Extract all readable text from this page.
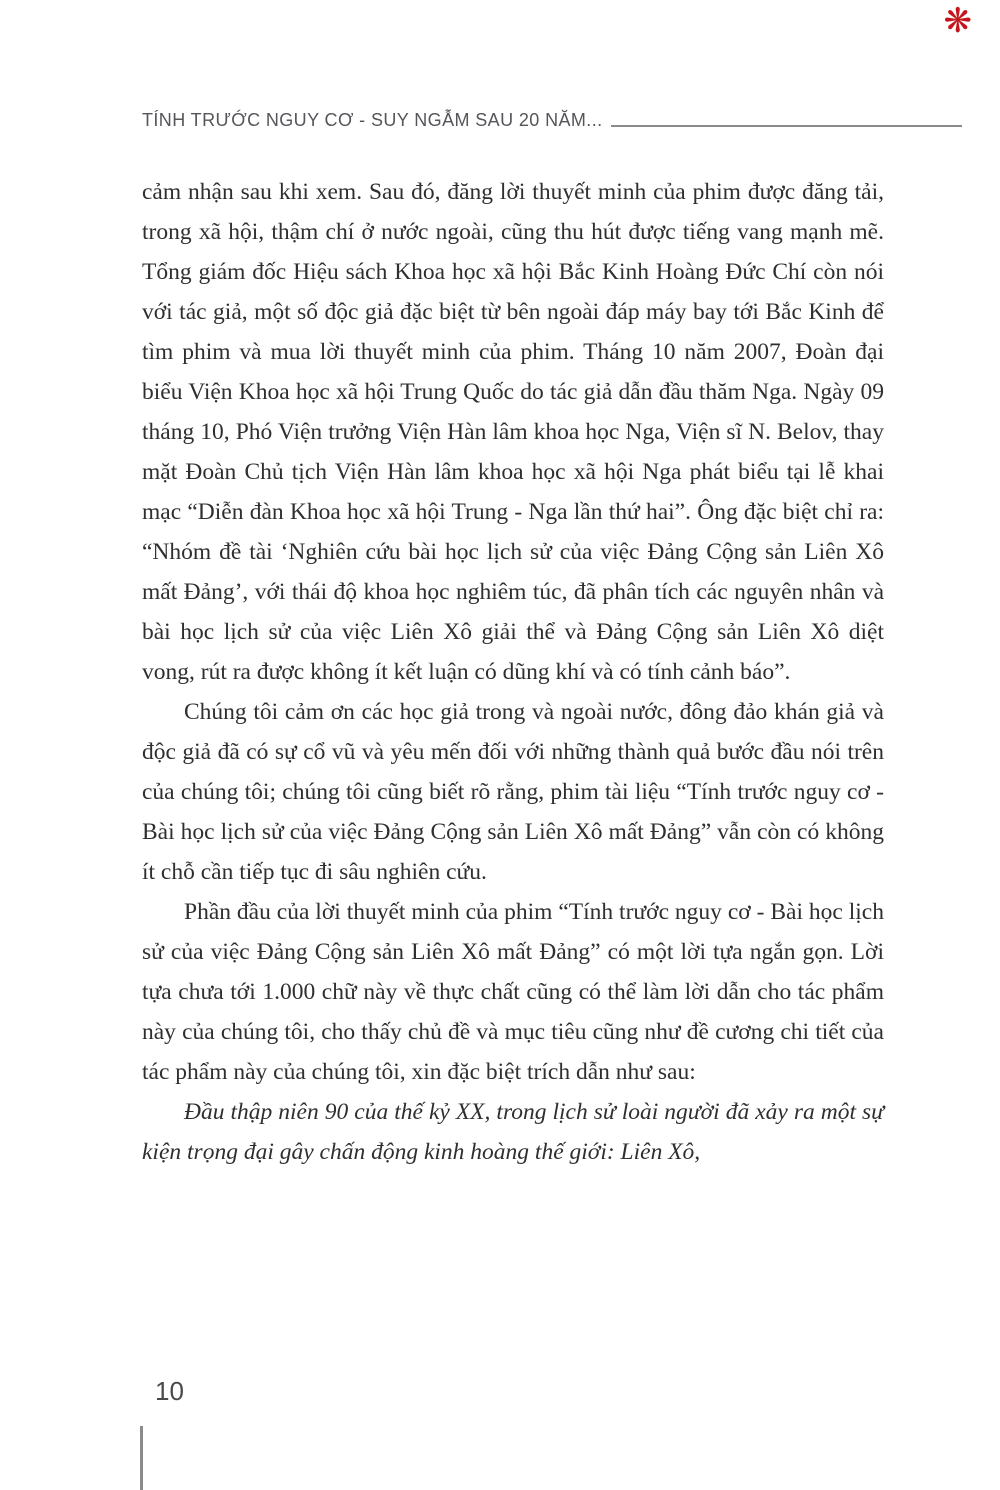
❋
TÍNH TRƯỚC NGUY CƠ - SUY NGẪM SAU 20 NĂM...

cảm nhận sau khi xem. Sau đó, đăng lời thuyết minh của phim được đăng tải, trong xã hội, thậm chí ở nước ngoài, cũng thu hút được tiếng vang mạnh mẽ. Tổng giám đốc Hiệu sách Khoa học xã hội Bắc Kinh Hoàng Đức Chí còn nói với tác giả, một số độc giả đặc biệt từ bên ngoài đáp máy bay tới Bắc Kinh để tìm phim và mua lời thuyết minh của phim. Tháng 10 năm 2007, Đoàn đại biểu Viện Khoa học xã hội Trung Quốc do tác giả dẫn đầu thăm Nga. Ngày 09 tháng 10, Phó Viện trưởng Viện Hàn lâm khoa học Nga, Viện sĩ N. Belov, thay mặt Đoàn Chủ tịch Viện Hàn lâm khoa học xã hội Nga phát biểu tại lễ khai mạc “Diễn đàn Khoa học xã hội Trung - Nga lần thứ hai”. Ông đặc biệt chỉ ra: “Nhóm đề tài ‘Nghiên cứu bài học lịch sử của việc Đảng Cộng sản Liên Xô mất Đảng’, với thái độ khoa học nghiêm túc, đã phân tích các nguyên nhân và bài học lịch sử của việc Liên Xô giải thể và Đảng Cộng sản Liên Xô diệt vong, rút ra được không ít kết luận có dũng khí và có tính cảnh báo”.

Chúng tôi cảm ơn các học giả trong và ngoài nước, đông đảo khán giả và độc giả đã có sự cổ vũ và yêu mến đối với những thành quả bước đầu nói trên của chúng tôi; chúng tôi cũng biết rõ rằng, phim tài liệu “Tính trước nguy cơ - Bài học lịch sử của việc Đảng Cộng sản Liên Xô mất Đảng” vẫn còn có không ít chỗ cần tiếp tục đi sâu nghiên cứu.

Phần đầu của lời thuyết minh của phim “Tính trước nguy cơ - Bài học lịch sử của việc Đảng Cộng sản Liên Xô mất Đảng” có một lời tựa ngắn gọn. Lời tựa chưa tới 1.000 chữ này về thực chất cũng có thể làm lời dẫn cho tác phẩm này của chúng tôi, cho thấy chủ đề và mục tiêu cũng như đề cương chi tiết của tác phẩm này của chúng tôi, xin đặc biệt trích dẫn như sau:

Đầu thập niên 90 của thế kỷ XX, trong lịch sử loài người đã xảy ra một sự kiện trọng đại gây chấn động kinh hoàng thế giới: Liên Xô,

10
